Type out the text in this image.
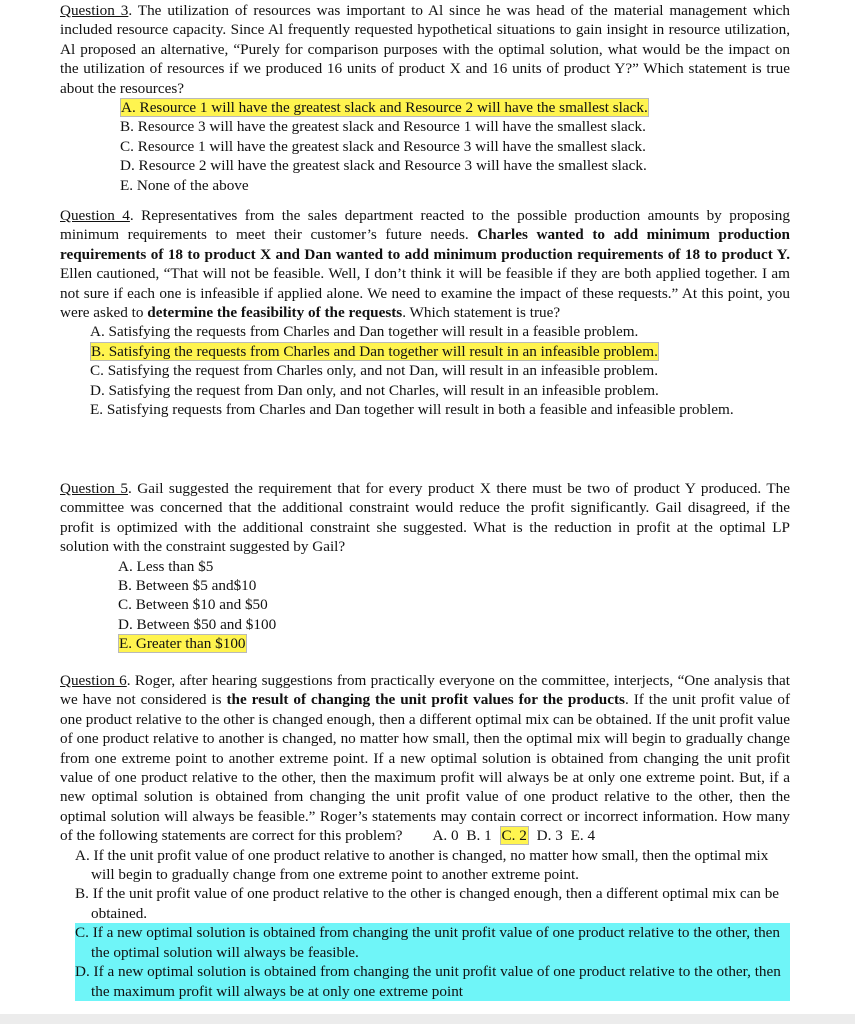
Question 3. The utilization of resources was important to Al since he was head of the material management which included resource capacity. Since Al frequently requested hypothetical situations to gain insight in resource utilization, Al proposed an alternative, “Purely for comparison purposes with the optimal solution, what would be the impact on the utilization of resources if we produced 16 units of product X and 16 units of product Y?” Which statement is true about the resources?

A. Resource 1 will have the greatest slack and Resource 2 will have the smallest slack.
B. Resource 3 will have the greatest slack and Resource 1 will have the smallest slack.
C. Resource 1 will have the greatest slack and Resource 3 will have the smallest slack.
D. Resource 2 will have the greatest slack and Resource 3 will have the smallest slack.
E. None of the above

Question 4. Representatives from the sales department reacted to the possible production amounts by proposing minimum requirements to meet their customer’s future needs. Charles wanted to add minimum production requirements of 18 to product X and Dan wanted to add minimum production requirements of 18 to product Y. Ellen cautioned, “That will not be feasible. Well, I don’t think it will be feasible if they are both applied together. I am not sure if each one is infeasible if applied alone. We need to examine the impact of these requests.” At this point, you were asked to determine the feasibility of the requests. Which statement is true?

A. Satisfying the requests from Charles and Dan together will result in a feasible problem.
B. Satisfying the requests from Charles and Dan together will result in an infeasible problem.
C. Satisfying the request from Charles only, and not Dan, will result in an infeasible problem.
D. Satisfying the request from Dan only, and not Charles, will result in an infeasible problem.
E. Satisfying requests from Charles and Dan together will result in both a feasible and infeasible problem.

Question 5. Gail suggested the requirement that for every product X there must be two of product Y produced. The committee was concerned that the additional constraint would reduce the profit significantly. Gail disagreed, if the profit is optimized with the additional constraint she suggested. What is the reduction in profit at the optimal LP solution with the constraint suggested by Gail?

A. Less than $5
B. Between $5 and$10
C. Between $10 and $50
D. Between $50 and $100
E. Greater than $100

Question 6. Roger, after hearing suggestions from practically everyone on the committee, interjects, “One analysis that we have not considered is the result of changing the unit profit values for the products. If the unit profit value of one product relative to the other is changed enough, then a different optimal mix can be obtained. If the unit profit value of one product relative to another is changed, no matter how small, then the optimal mix will begin to gradually change from one extreme point to another extreme point. If a new optimal solution is obtained from changing the unit profit value of one product relative to the other, then the maximum profit will always be at only one extreme point. But, if a new optimal solution is obtained from changing the unit profit value of one product relative to the other, then the optimal solution will always be feasible.” Roger’s statements may contain correct or incorrect information. How many of the following statements are correct for this problem? A. 0 B. 1 C. 2 D. 3 E. 4

A. If the unit profit value of one product relative to another is changed, no matter how small, then the optimal mix will begin to gradually change from one extreme point to another extreme point.
B. If the unit profit value of one product relative to the other is changed enough, then a different optimal mix can be obtained.
C. If a new optimal solution is obtained from changing the unit profit value of one product relative to the other, then the optimal solution will always be feasible.
D. If a new optimal solution is obtained from changing the unit profit value of one product relative to the other, then the maximum profit will always be at only one extreme point
